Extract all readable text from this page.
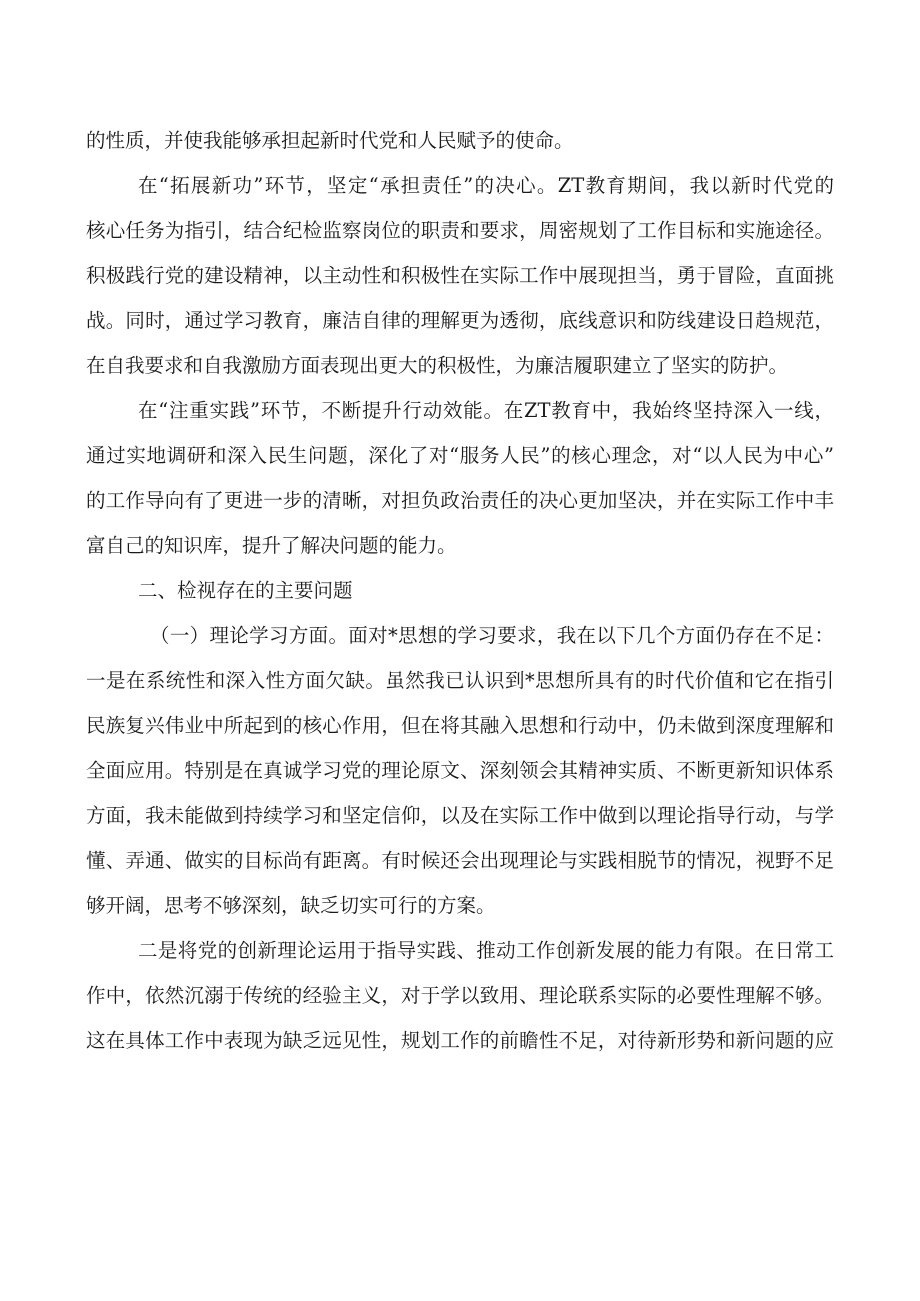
的性质，并使我能够承担起新时代党和人民赋予的使命。
在“拓展新功”环节，坚定“承担责任”的决心。ZT教育期间，我以新时代党的
核心任务为指引，结合纪检监察岗位的职责和要求，周密规划了工作目标和实施途径。
积极践行党的建设精神，以主动性和积极性在实际工作中展现担当，勇于冒险，直面挑
战。同时，通过学习教育，廉洁自律的理解更为透彻，底线意识和防线建设日趋规范，
在自我要求和自我激励方面表现出更大的积极性，为廉洁履职建立了坚实的防护。
在“注重实践”环节，不断提升行动效能。在ZT教育中，我始终坚持深入一线，
通过实地调研和深入民生问题，深化了对“服务人民”的核心理念，对“以人民为中心”
的工作导向有了更进一步的清晰，对担负政治责任的决心更加坚决，并在实际工作中丰
富自己的知识库，提升了解决问题的能力。
二、检视存在的主要问题
（一）理论学习方面。面对*思想的学习要求，我在以下几个方面仍存在不足：
一是在系统性和深入性方面欠缺。虽然我已认识到*思想所具有的时代价值和它在指引
民族复兴伟业中所起到的核心作用，但在将其融入思想和行动中，仍未做到深度理解和
全面应用。特别是在真诚学习党的理论原文、深刻领会其精神实质、不断更新知识体系
方面，我未能做到持续学习和坚定信仰，以及在实际工作中做到以理论指导行动，与学
懂、弄通、做实的目标尚有距离。有时候还会出现理论与实践相脱节的情况，视野不足
够开阔，思考不够深刻，缺乏切实可行的方案。
二是将党的创新理论运用于指导实践、推动工作创新发展的能力有限。在日常工
作中，依然沉溺于传统的经验主义，对于学以致用、理论联系实际的必要性理解不够。
这在具体工作中表现为缺乏远见性，规划工作的前瞻性不足，对待新形势和新问题的应
